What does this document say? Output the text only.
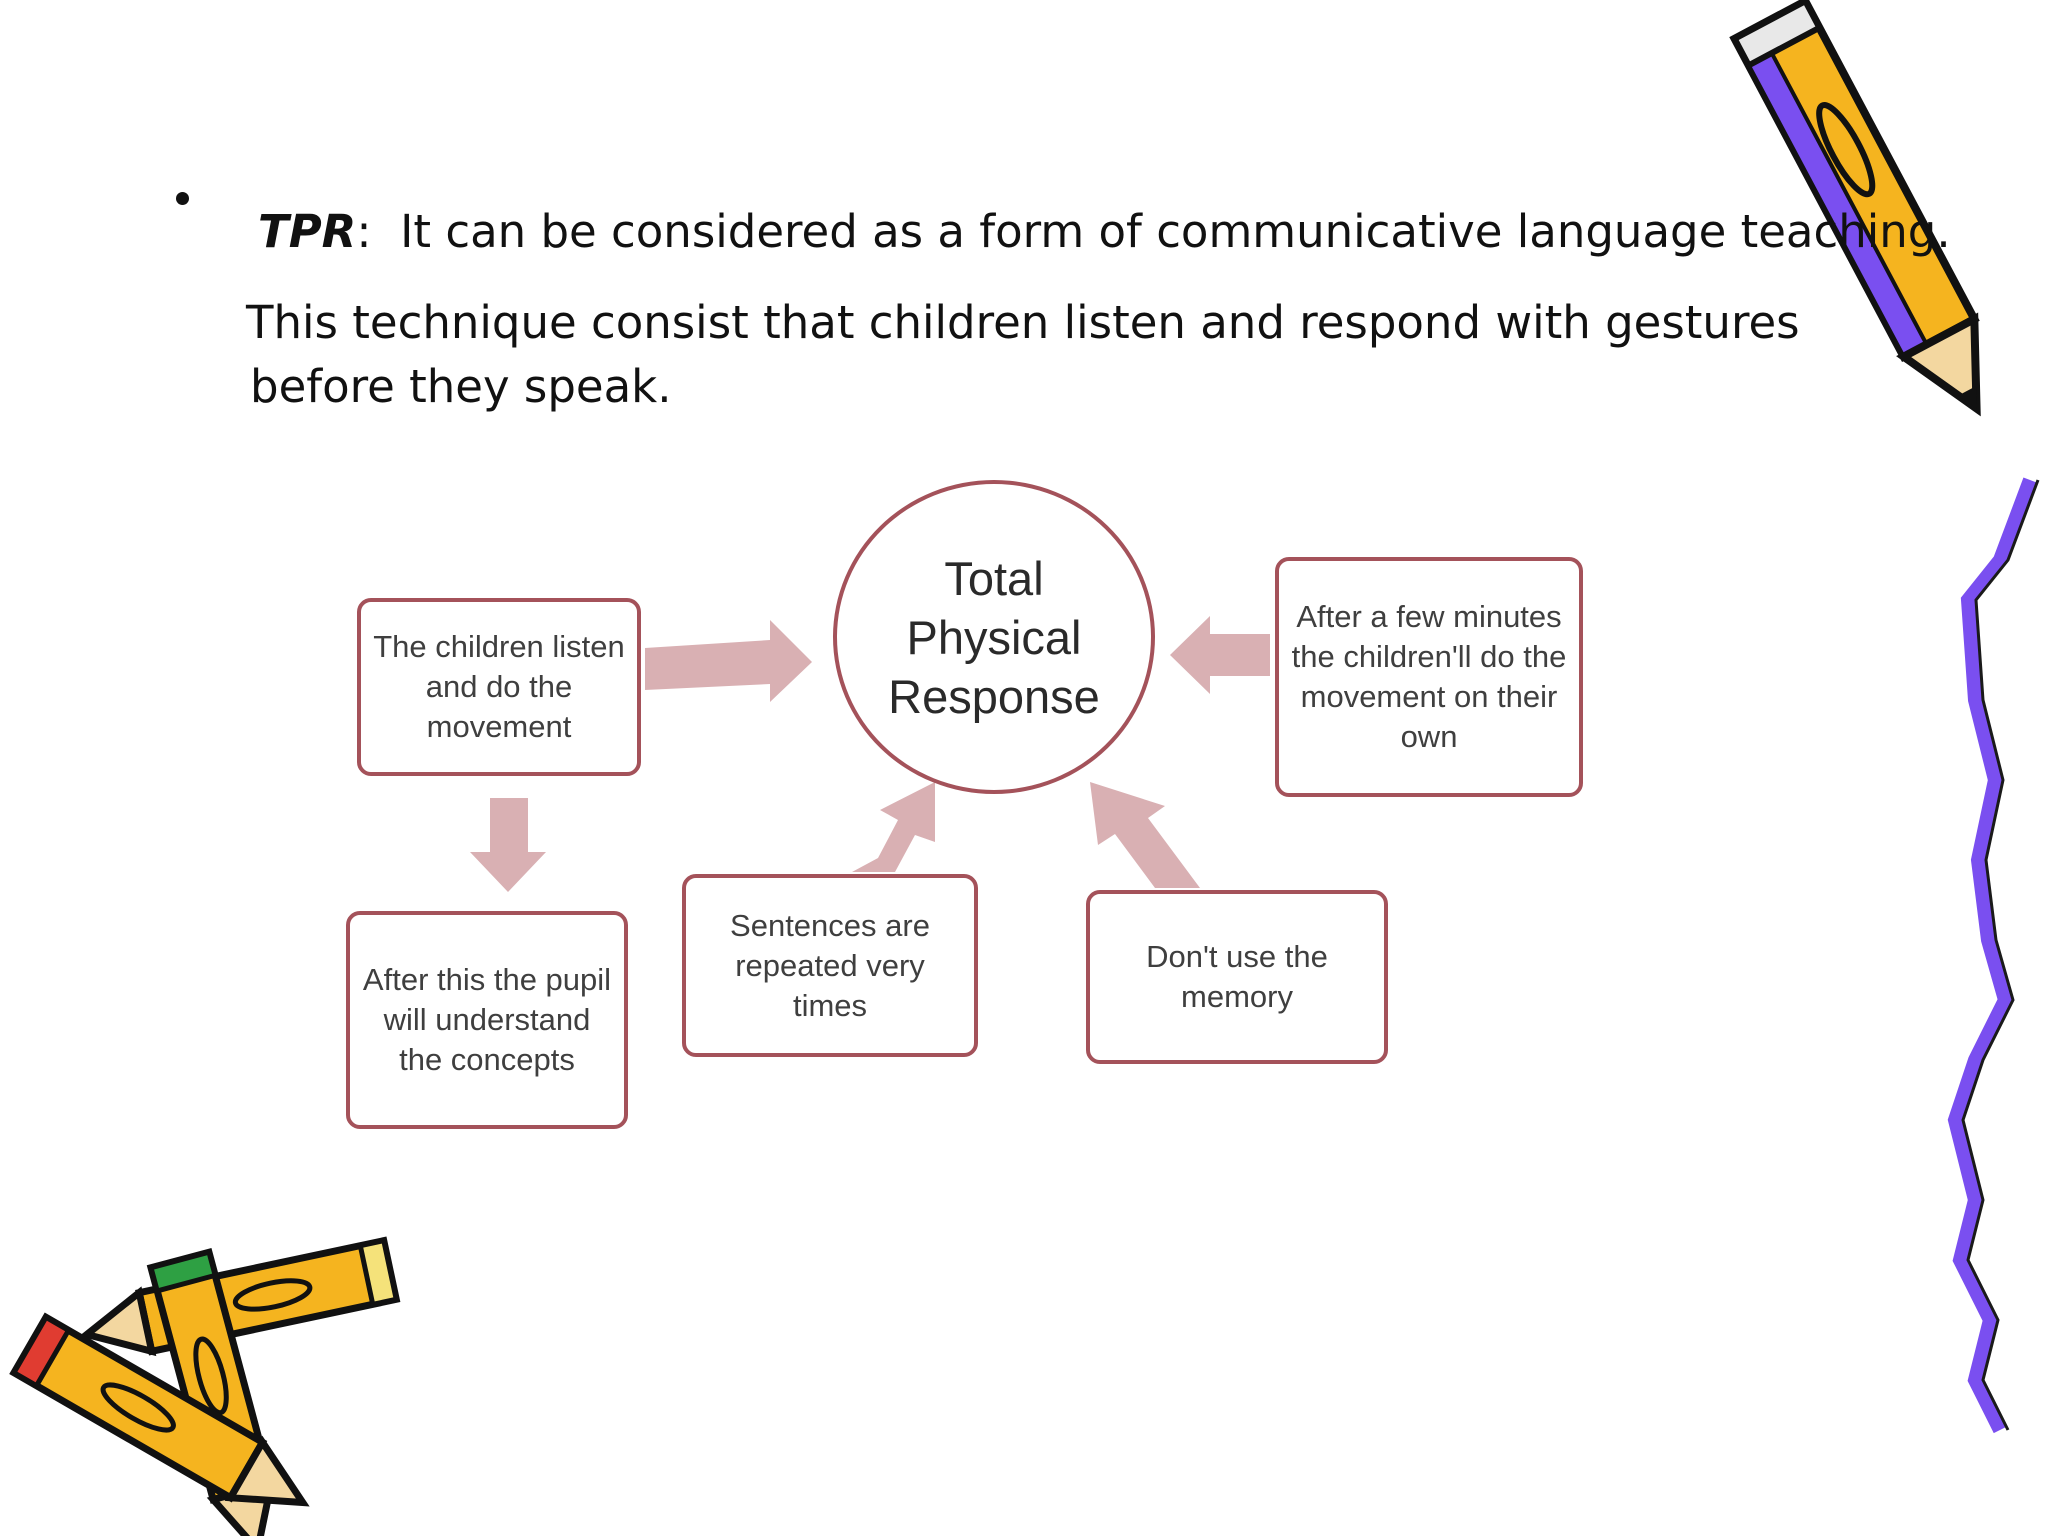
TPR: It can be considered as a form of communicative language teaching.
This technique consist that children listen and respond with gestures
before they speak.
Total Physical Response
The children listen and do the movement
After this the pupil will understand the concepts
Sentences are repeated very times
Don't use the memory
After a few minutes the children'll do the movement on their own
